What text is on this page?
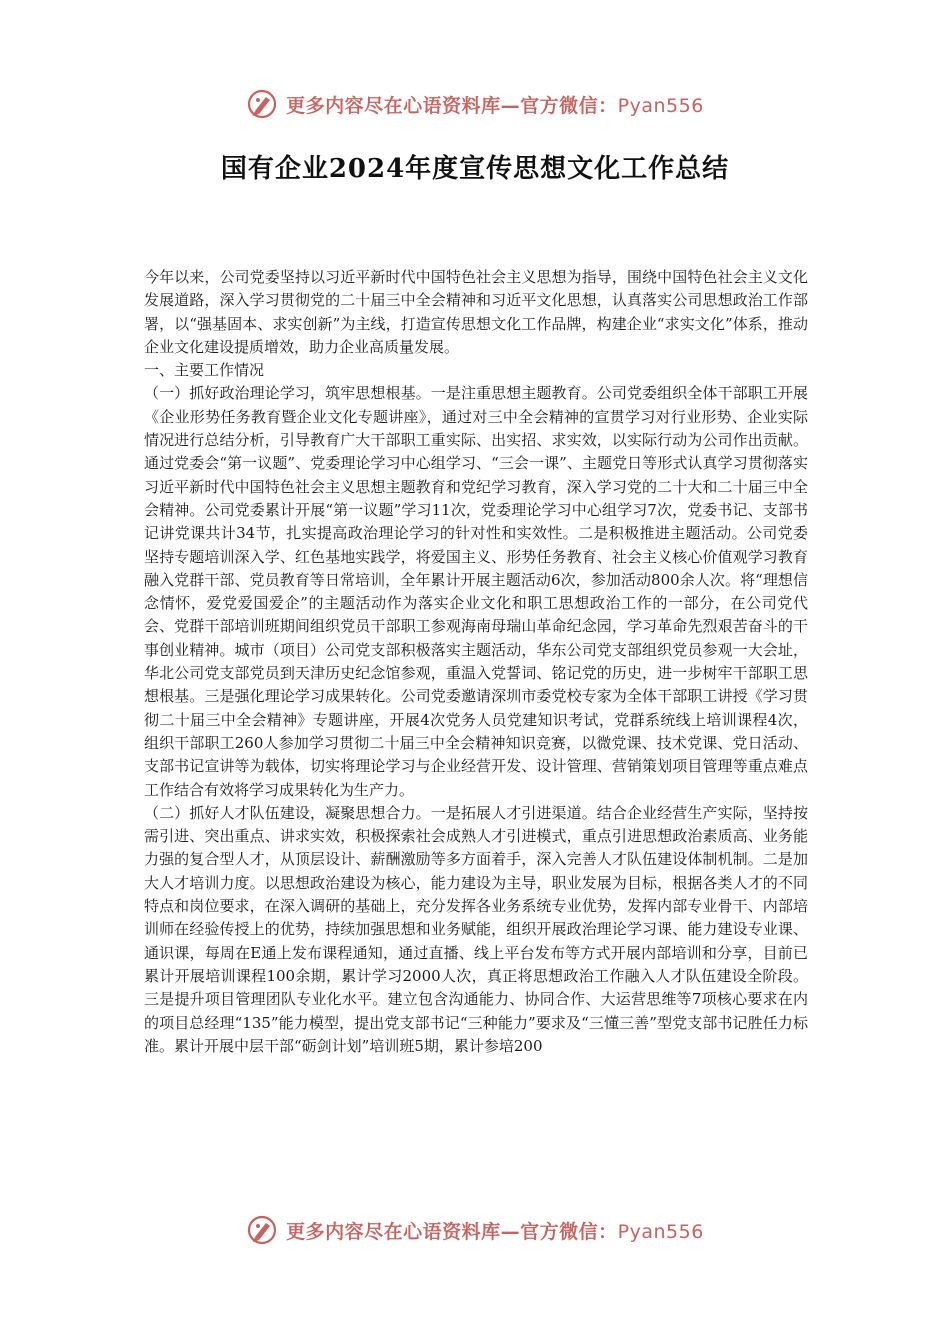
更多内容尽在心语资料库—官方微信：Pyan556
国有企业2024年度宣传思想文化工作总结

今年以来，公司党委坚持以习近平新时代中国特色社会主义思想为指导，围绕中国特色社会主义文化发展道路，深入学习贯彻党的二十届三中全会精神和习近平文化思想，认真落实公司思想政治工作部署，以“强基固本、求实创新”为主线，打造宣传思想文化工作品牌，构建企业“求实文化”体系，推动企业文化建设提质增效，助力企业高质量发展。

一、主要工作情况

（一）抓好政治理论学习，筑牢思想根基。一是注重思想主题教育。公司党委组织全体干部职工开展《企业形势任务教育暨企业文化专题讲座》，通过对三中全会精神的宣贯学习对行业形势、企业实际情况进行总结分析，引导教育广大干部职工重实际、出实招、求实效，以实际行动为公司作出贡献。通过党委会“第一议题”、党委理论学习中心组学习、“三会一课”、主题党日等形式认真学习贯彻落实习近平新时代中国特色社会主义思想主题教育和党纪学习教育，深入学习党的二十大和二十届三中全会精神。公司党委累计开展“第一议题”学习11次，党委理论学习中心组学习7次，党委书记、支部书记讲党课共计34节，扎实提高政治理论学习的针对性和实效性。二是积极推进主题活动。公司党委坚持专题培训深入学、红色基地实践学，将爱国主义、形势任务教育、社会主义核心价值观学习教育融入党群干部、党员教育等日常培训，全年累计开展主题活动6次，参加活动800余人次。将“理想信念情怀，爱党爱国爱企”的主题活动作为落实企业文化和职工思想政治工作的一部分，在公司党代会、党群干部培训班期间组织党员干部职工参观海南母瑞山革命纪念园，学习革命先烈艰苦奋斗的干事创业精神。城市（项目）公司党支部积极落实主题活动，华东公司党支部组织党员参观一大会址，华北公司党支部党员到天津历史纪念馆参观，重温入党誓词、铭记党的历史，进一步树牢干部职工思想根基。三是强化理论学习成果转化。公司党委邀请深圳市委党校专家为全体干部职工讲授《学习贯彻二十届三中全会精神》专题讲座，开展4次党务人员党建知识考试，党群系统线上培训课程4次，组织干部职工260人参加学习贯彻二十届三中全会精神知识竞赛，以微党课、技术党课、党日活动、支部书记宣讲等为载体，切实将理论学习与企业经营开发、设计管理、营销策划项目管理等重点难点工作结合有效将学习成果转化为生产力。

（二）抓好人才队伍建设，凝聚思想合力。一是拓展人才引进渠道。结合企业经营生产实际，坚持按需引进、突出重点、讲求实效，积极探索社会成熟人才引进模式，重点引进思想政治素质高、业务能力强的复合型人才，从顶层设计、薪酬激励等多方面着手，深入完善人才队伍建设体制机制。二是加大人才培训力度。以思想政治建设为核心，能力建设为主导，职业发展为目标，根据各类人才的不同特点和岗位要求，在深入调研的基础上，充分发挥各业务系统专业优势，发挥内部专业骨干、内部培训师在经验传授上的优势，持续加强思想和业务赋能，组织开展政治理论学习课、能力建设专业课、通识课，每周在E通上发布课程通知，通过直播、线上平台发布等方式开展内部培训和分享，目前已累计开展培训课程100余期，累计学习2000人次，真正将思想政治工作融入人才队伍建设全阶段。三是提升项目管理团队专业化水平。建立包含沟通能力、协同合作、大运营思维等7项核心要求在内的项目总经理“135”能力模型，提出党支部书记“三种能力”要求及“三懂三善”型党支部书记胜任力标准。累计开展中层干部“砺剑计划”培训班5期，累计参培200

更多内容尽在心语资料库—官方微信：Pyan556
